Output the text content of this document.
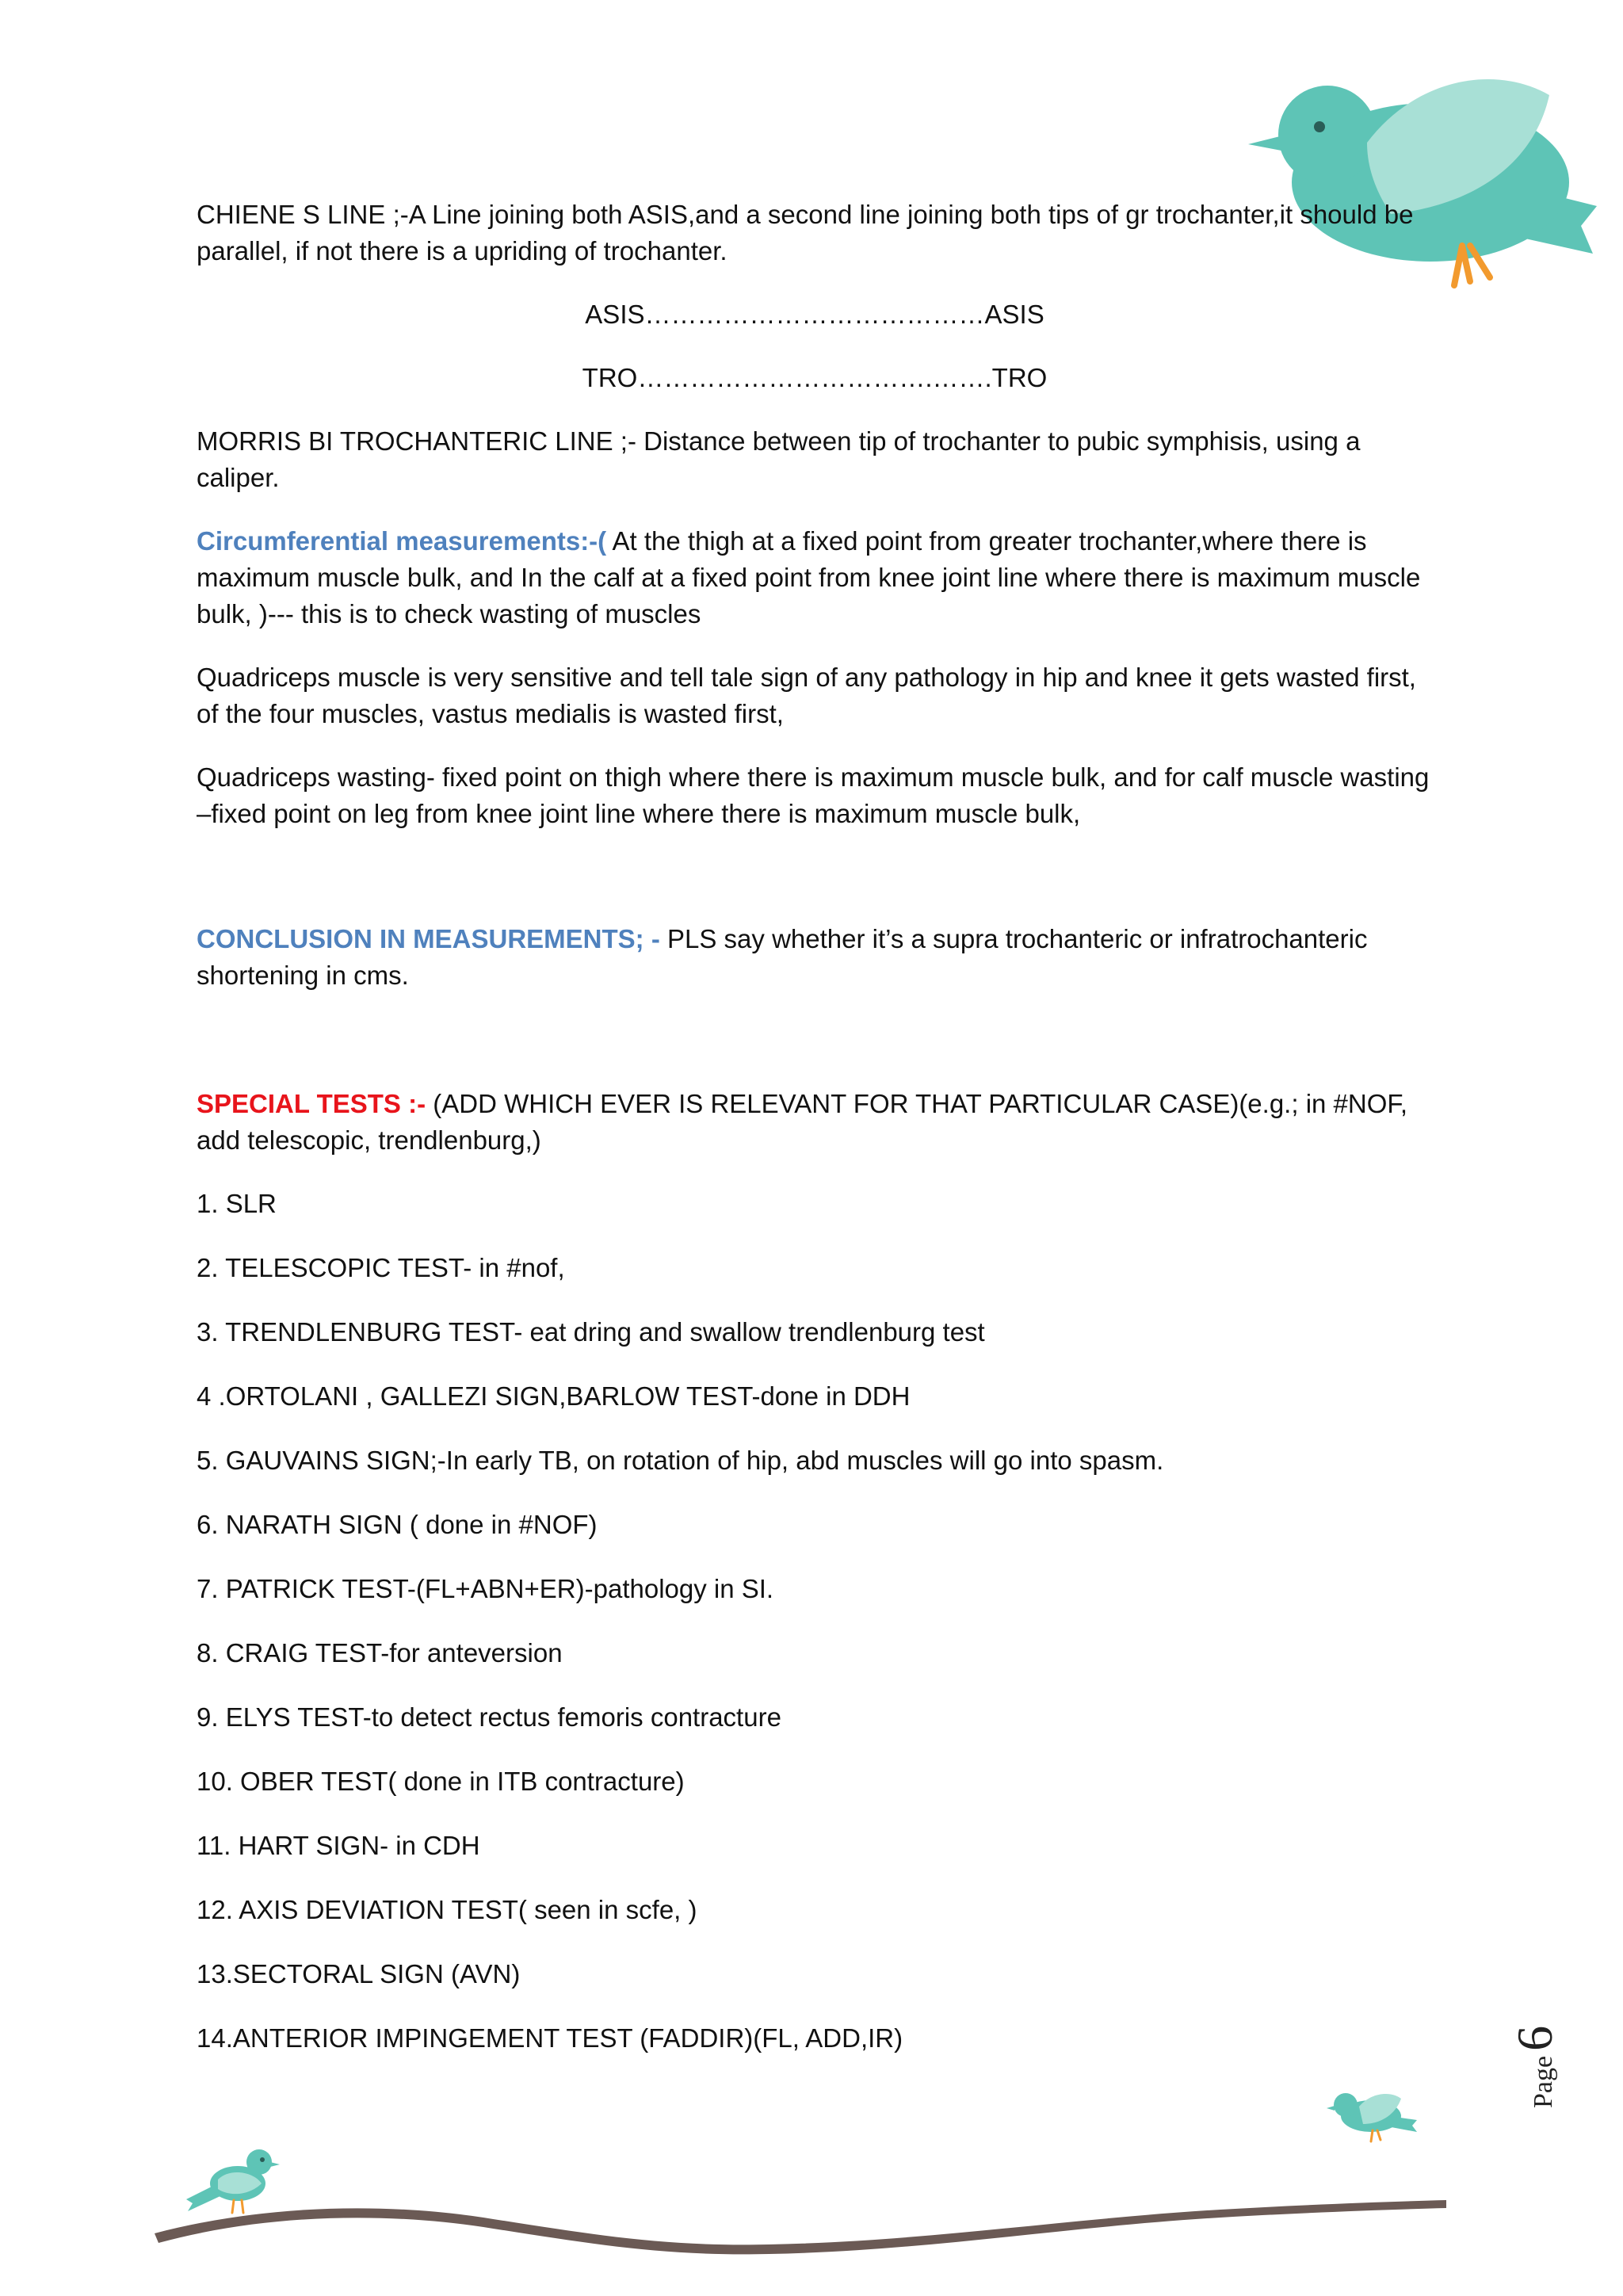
CHIENE S LINE ;-A Line joining both ASIS,and a second line joining both tips of gr trochanter,it should be parallel, if not there is a upriding of trochanter.

ASIS…………………………………ASIS

TRO…………………………….…….TRO

MORRIS BI TROCHANTERIC LINE ;- Distance between tip of trochanter to pubic symphisis, using a caliper.

Circumferential measurements:-( At the thigh at a fixed point from greater trochanter,where there is maximum muscle bulk, and In the calf at a fixed point from knee joint line where there is maximum muscle bulk, )--- this is to check wasting of muscles

Quadriceps muscle is very sensitive and tell tale sign of any pathology in hip and knee it gets wasted first, of the four muscles, vastus medialis is wasted first,

Quadriceps wasting- fixed point on thigh where there is maximum muscle bulk, and for calf muscle wasting –fixed point on leg from knee joint line where there is maximum muscle bulk,

CONCLUSION IN MEASUREMENTS; - PLS say whether it’s a supra trochanteric or infratrochanteric shortening in cms.

SPECIAL TESTS :- (ADD WHICH EVER IS RELEVANT FOR THAT PARTICULAR CASE)(e.g.; in #NOF, add telescopic, trendlenburg,)

1. SLR

2. TELESCOPIC TEST- in #nof,

3. TRENDLENBURG TEST- eat dring and swallow trendlenburg test

4 .ORTOLANI , GALLEZI SIGN,BARLOW TEST-done in DDH

5. GAUVAINS SIGN;-In early TB, on rotation of hip, abd muscles will go into spasm.

6. NARATH SIGN ( done in #NOF)

7. PATRICK TEST-(FL+ABN+ER)-pathology in SI.

8. CRAIG TEST-for anteversion

9. ELYS TEST-to detect rectus femoris contracture

10. OBER TEST( done in ITB contracture)

11. HART SIGN- in CDH

12. AXIS DEVIATION TEST( seen in scfe, )

13.SECTORAL SIGN (AVN)

14.ANTERIOR IMPINGEMENT TEST (FADDIR)(FL, ADD,IR)

Page
6
